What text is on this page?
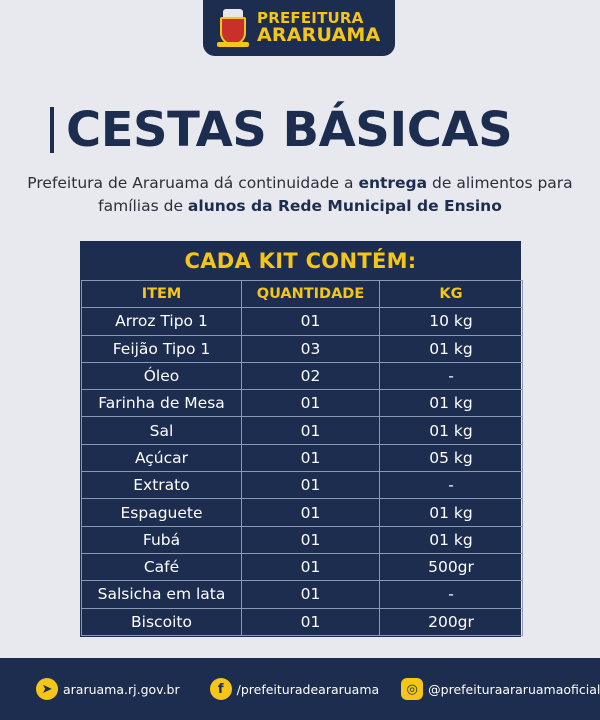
PREFEITURA
ARARUAMA
CESTAS BÁSICAS

Prefeitura de Araruama dá continuidade a entrega de alimentos para famílias de alunos da Rede Municipal de Ensino

CADA KIT CONTÉM:
ITEM	QUANTIDADE	KG
Arroz Tipo 1	01	10 kg
Feijão Tipo 1	03	01 kg
Óleo	02	-
Farinha de Mesa	01	01 kg
Sal	01	01 kg
Açúcar	01	05 kg
Extrato	01	-
Espaguete	01	01 kg
Fubá	01	01 kg
Café	01	500gr
Salsicha em lata	01	-
Biscoito	01	200gr
➤ araruama.rj.gov.br	f	/prefeituradeararuama	◎ @prefeituraararuamaoficial
